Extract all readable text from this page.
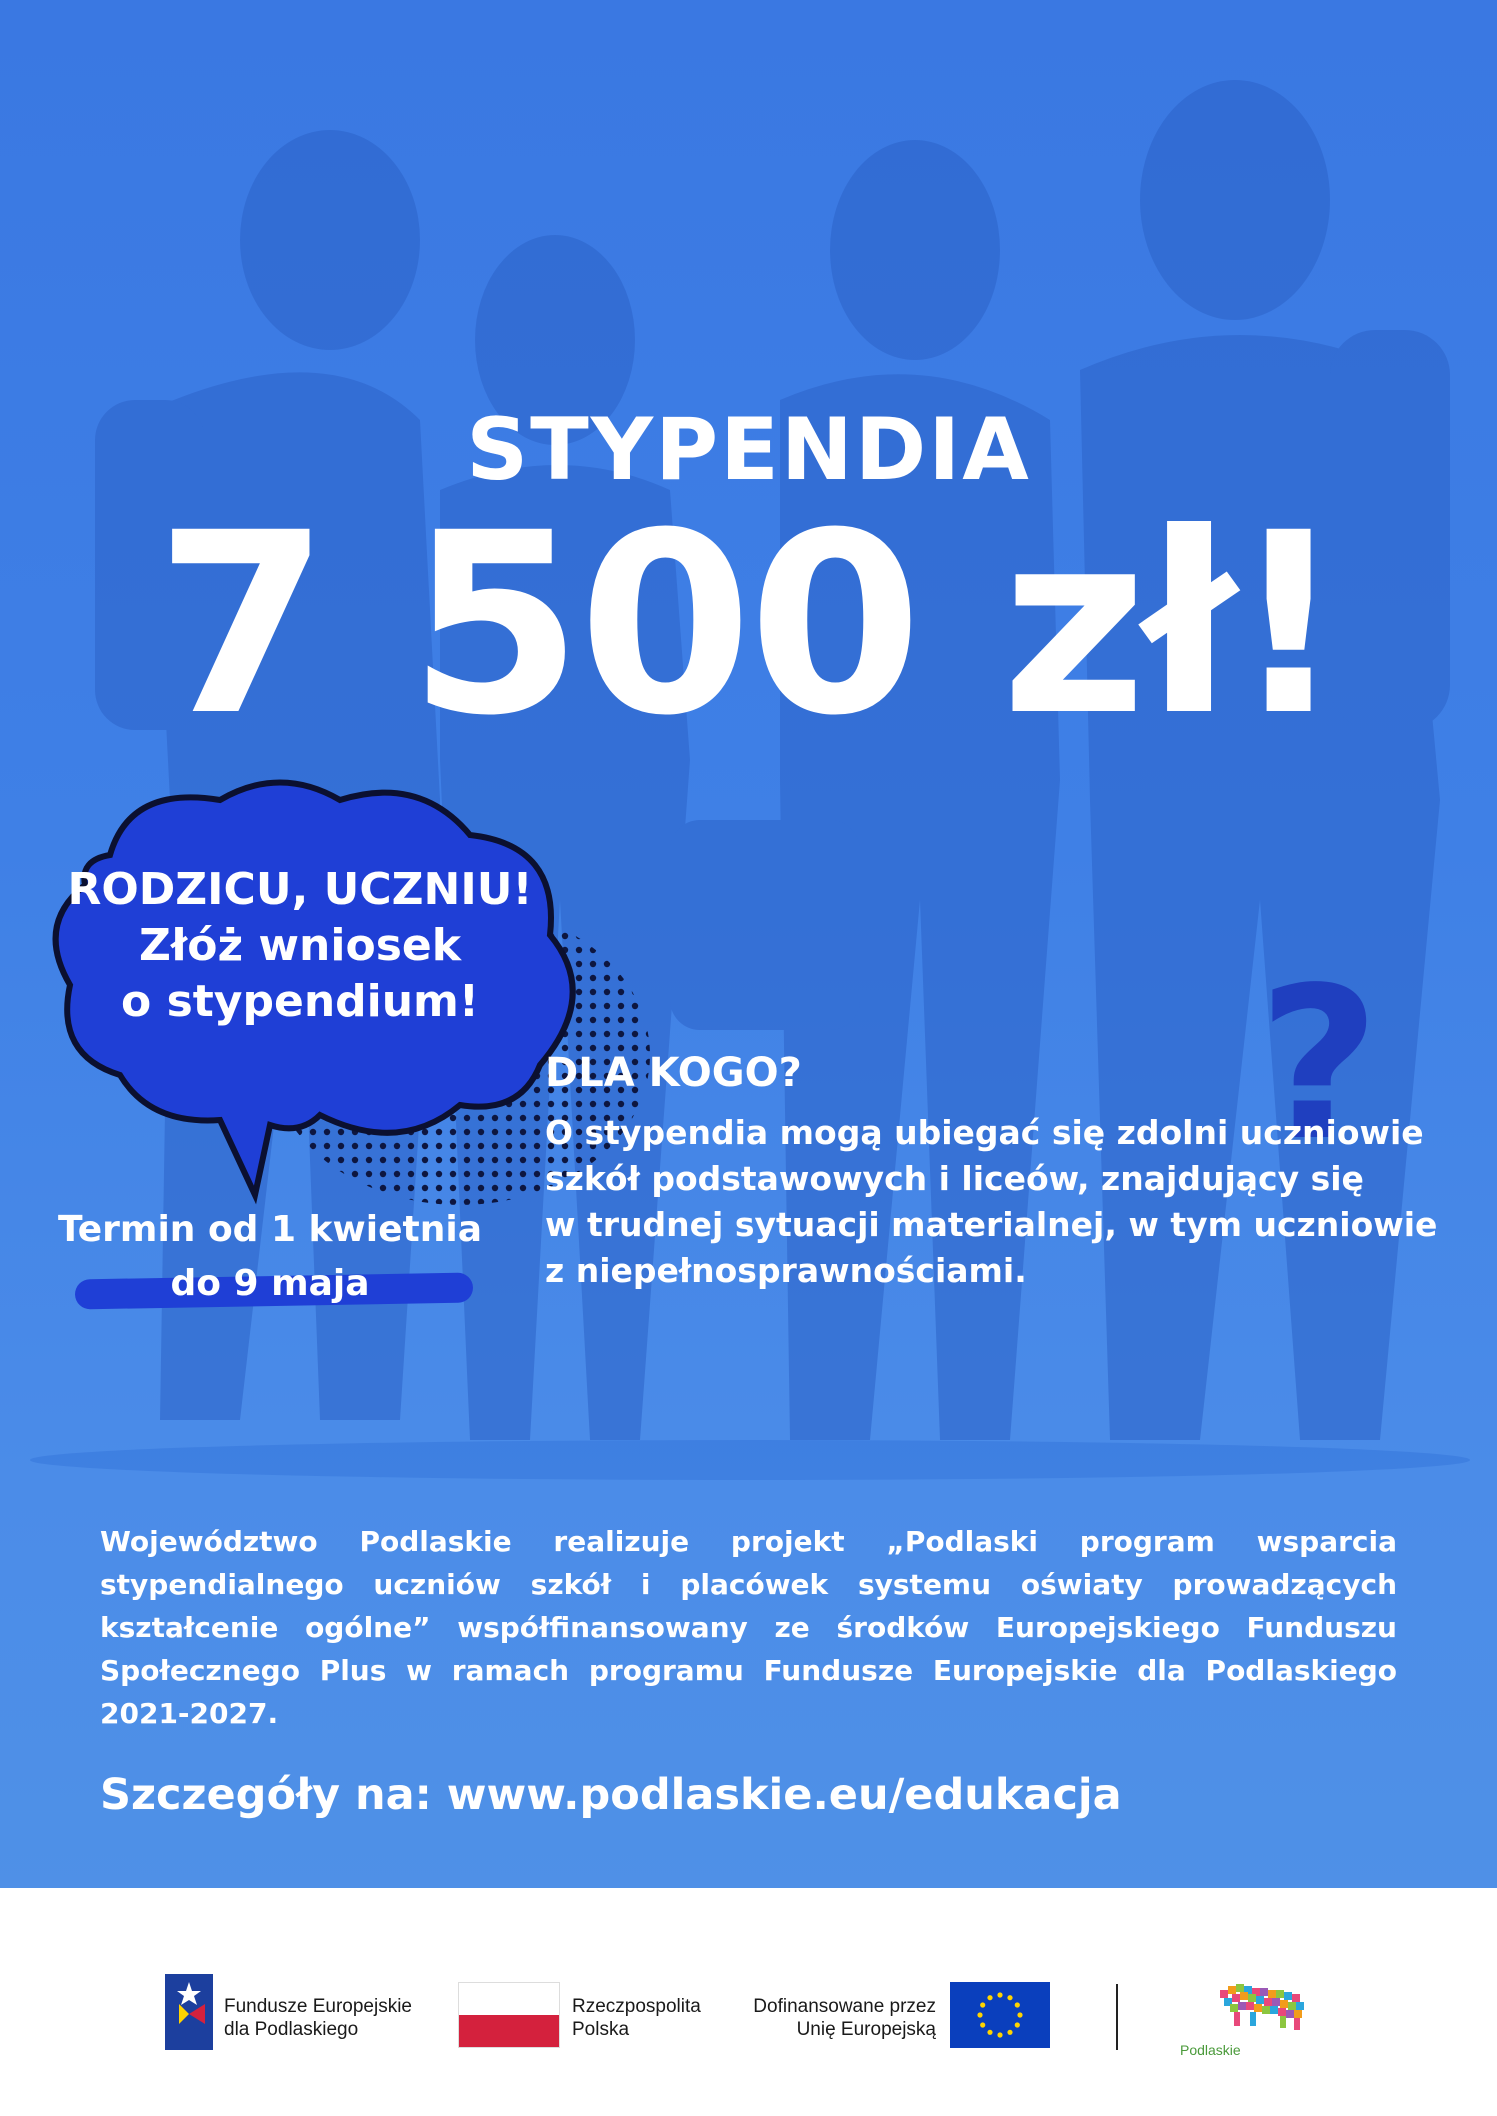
STYPENDIA
7 500 zł!
RODZICU, UCZNIU!
Złóż wniosek
o stypendium!
Termin od 1 kwietnia
do 9 maja
?
DLA KOGO?
O stypendia mogą ubiegać się zdolni uczniowie
szkół podstawowych i liceów, znajdujący się
w trudnej sytuacji materialnej, w tym uczniowie
z niepełnosprawnościami.
Województwo Podlaskie realizuje projekt „Podlaski program wsparcia stypendialnego uczniów szkół i placówek systemu oświaty prowadzących kształcenie ogólne” współfinansowany ze środków Europejskiego Funduszu Społecznego Plus w ramach programu Fundusze Europejskie dla Podlaskiego 2021-2027.
Szczegóły na: www.podlaskie.eu/edukacja
Fundusze Europejskie
dla Podlaskiego
Rzeczpospolita
Polska
Dofinansowane przez
Unię Europejską
Podlaskie
